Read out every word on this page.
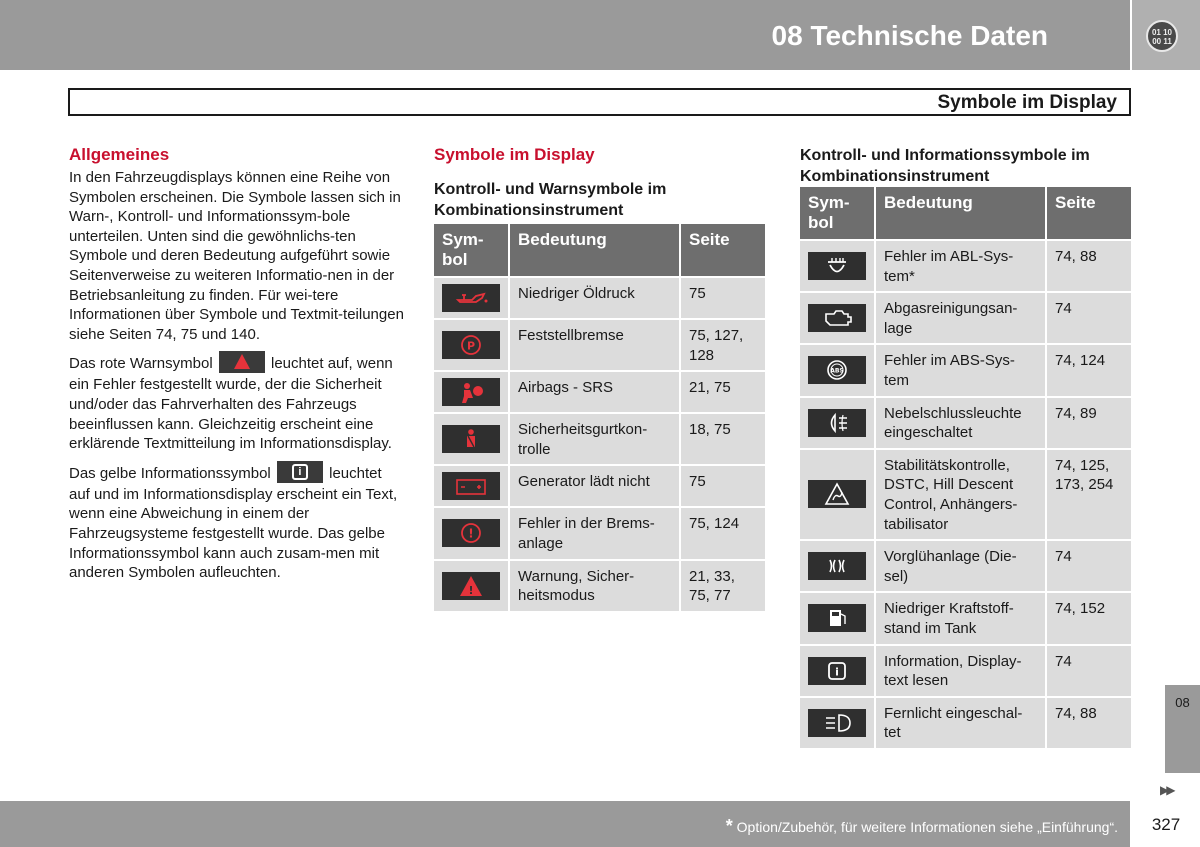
08 Technische Daten	01 10
00 11
Symbole im Display
Allgemeines
In den Fahrzeugdisplays können eine Reihe von Symbolen erscheinen. Die Symbole lassen sich in Warn-, Kontroll- und Informationssym-bole unterteilen. Unten sind die gewöhnlichs-ten Symbole und deren Bedeutung aufgeführt sowie Seitenverweise zu weiteren Informatio-nen in der Betriebsanleitung zu finden. Für wei-tere Informationen über Symbole und Textmit-teilungen siehe Seiten 74, 75 und 140.
Das rote Warnsymbol	leuchtet auf, wenn ein Fehler festgestellt wurde, der die Sicherheit und/oder das Fahrverhalten des Fahrzeugs beeinflussen kann. Gleichzeitig erscheint eine erklärende Textmitteilung im Informationsdisplay.
Das gelbe Informationssymbol	i	leuchtet auf und im Informationsdisplay erscheint ein Text, wenn eine Abweichung in einem der Fahrzeugsysteme festgestellt wurde. Das gelbe Informationssymbol kann auch zusam-men mit anderen Symbolen aufleuchten.
Symbole im Display
Kontroll- und Warnsymbole im Kombinationsinstrument
Sym-bol	Bedeutung	Seite

	Niedriger Öldruck	75

P	Feststellbremse	75, 127, 128

	Airbags - SRS	21, 75

	Sicherheitsgurtkon-trolle	18, 75

	Generator lädt nicht	75

!	Fehler in der Brems-anlage	75, 124

!	Warnung, Sicher-heitsmodus	21, 33, 75, 77
Kontroll- und Informationssymbole im Kombinationsinstrument
Sym-bol	Bedeutung	Seite

	Fehler im ABL-Sys-tem*	74, 88

	Abgasreinigungsan-lage	74

ABS	Fehler im ABS-Sys-tem	74, 124

	Nebelschlussleuchte eingeschaltet	74, 89

	Stabilitätskontrolle, DSTC, Hill Descent Control, Anhängers-tabilisator	74, 125, 173, 254

	Vorglühanlage (Die-sel)	74

	Niedriger Kraftstoff-stand im Tank	74, 152

i	Information, Display-text lesen	74

	Fernlicht eingeschal-tet	74, 88
08
▶▶
* Option/Zubehör, für weitere Informationen siehe „Einführung“.	327
